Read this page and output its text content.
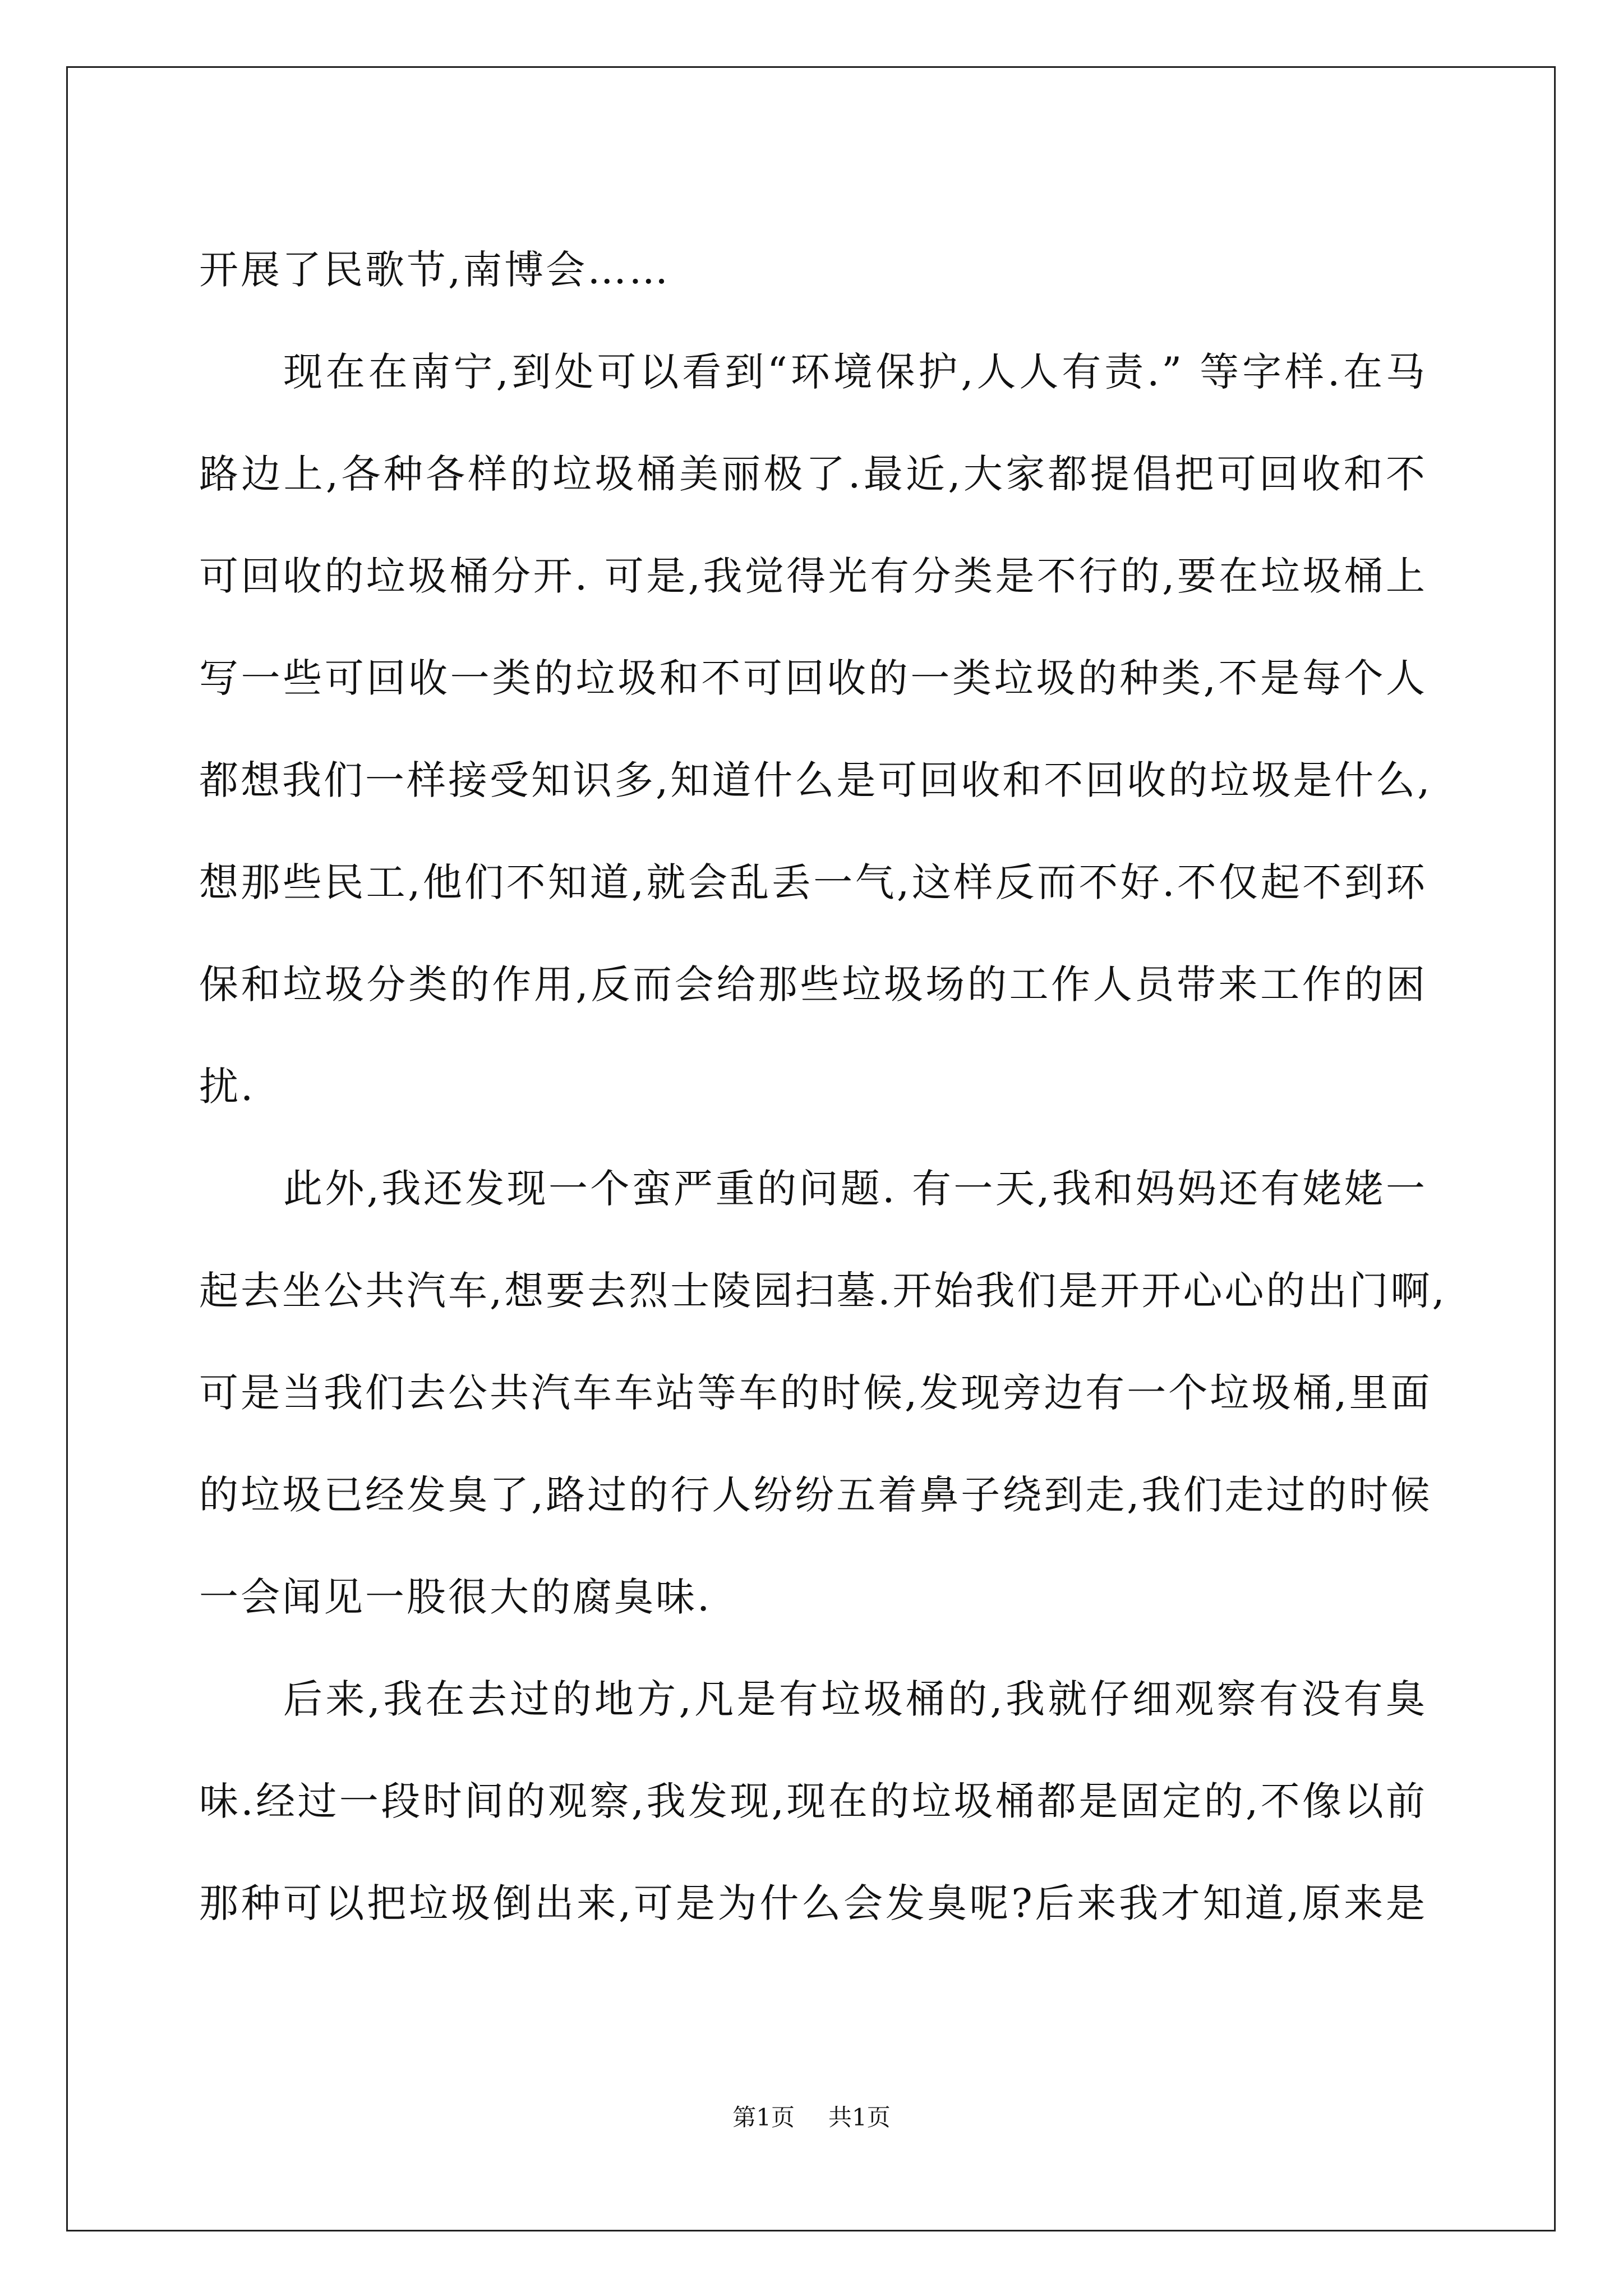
开展了民歌节,南博会……
现在在南宁,到处可以看到“环境保护,人人有责.” 等字样.在马
路边上,各种各样的垃圾桶美丽极了.最近,大家都提倡把可回收和不
可回收的垃圾桶分开. 可是,我觉得光有分类是不行的,要在垃圾桶上
写一些可回收一类的垃圾和不可回收的一类垃圾的种类,不是每个人
都想我们一样接受知识多,知道什么是可回收和不回收的垃圾是什么,
想那些民工,他们不知道,就会乱丢一气,这样反而不好.不仅起不到环
保和垃圾分类的作用,反而会给那些垃圾场的工作人员带来工作的困
扰.
此外,我还发现一个蛮严重的问题. 有一天,我和妈妈还有姥姥一
起去坐公共汽车,想要去烈士陵园扫墓.开始我们是开开心心的出门啊,
可是当我们去公共汽车车站等车的时候,发现旁边有一个垃圾桶,里面
的垃圾已经发臭了,路过的行人纷纷五着鼻子绕到走,我们走过的时候
一会闻见一股很大的腐臭味.
后来,我在去过的地方,凡是有垃圾桶的,我就仔细观察有没有臭
味.经过一段时间的观察,我发现,现在的垃圾桶都是固定的,不像以前
那种可以把垃圾倒出来,可是为什么会发臭呢?后来我才知道,原来是
第1页 共1页
